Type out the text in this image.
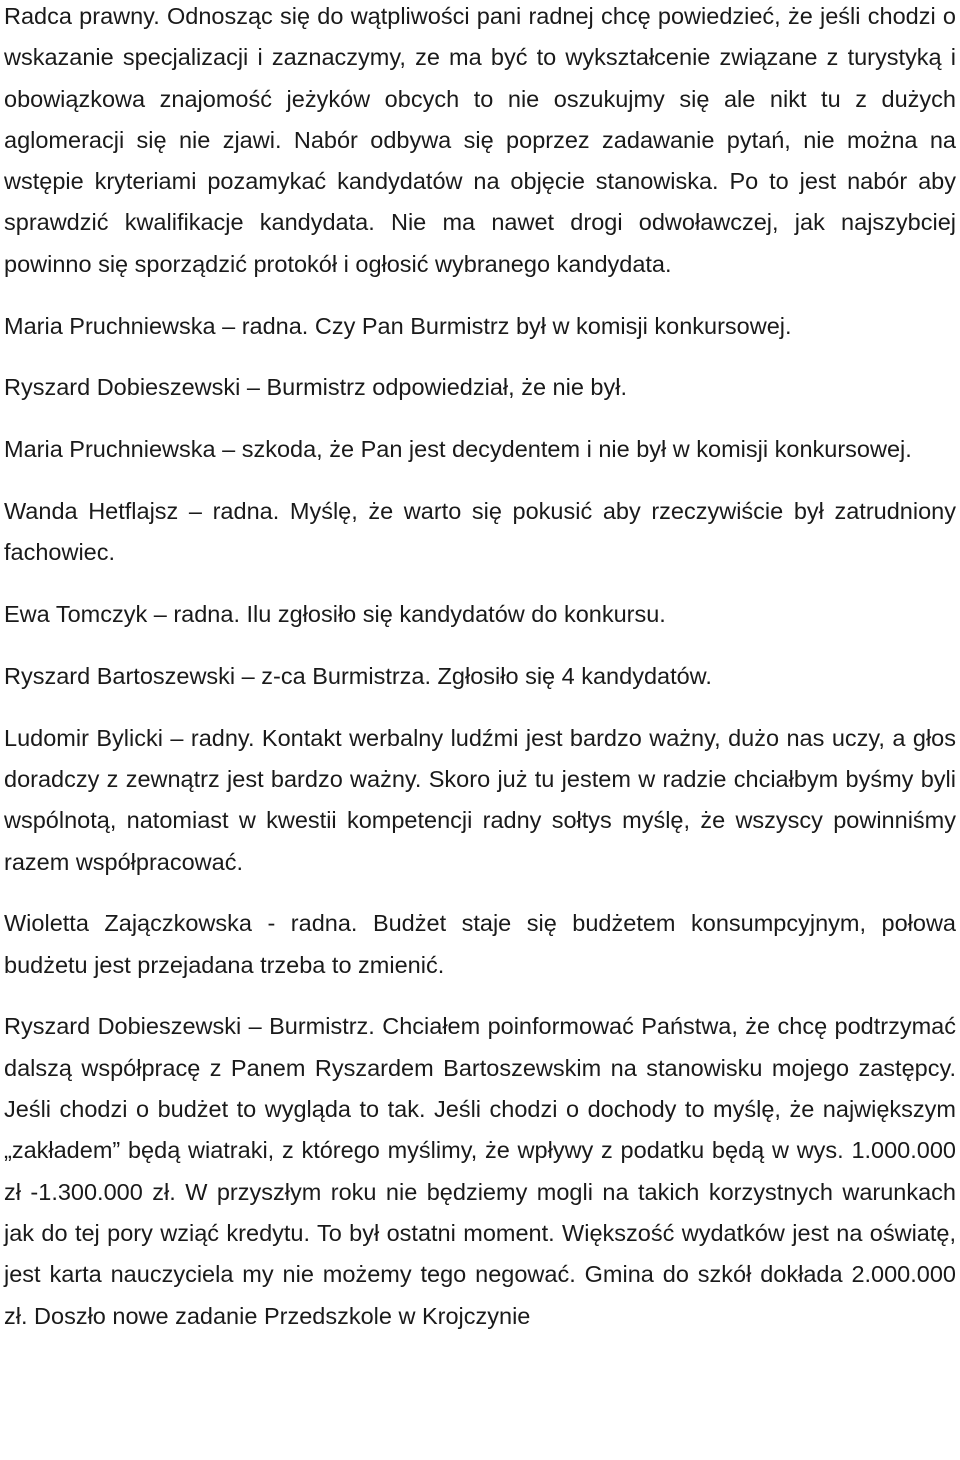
Radca prawny. Odnosząc się do wątpliwości pani radnej chcę powiedzieć, że jeśli chodzi o wskazanie specjalizacji i zaznaczymy, ze ma być to wykształcenie związane z turystyką i obowiązkowa znajomość jeżyków obcych to nie oszukujmy się ale nikt tu z dużych aglomeracji się nie zjawi. Nabór odbywa się poprzez zadawanie pytań, nie można na wstępie kryteriami pozamykać kandydatów na objęcie stanowiska. Po to jest nabór aby sprawdzić kwalifikacje kandydata. Nie ma nawet drogi odwoławczej, jak najszybciej powinno się sporządzić protokół i ogłosić wybranego kandydata.

Maria Pruchniewska – radna. Czy Pan Burmistrz był w komisji konkursowej.

Ryszard Dobieszewski – Burmistrz odpowiedział, że nie był.

Maria Pruchniewska – szkoda, że Pan jest decydentem i nie był w komisji konkursowej.

Wanda Hetflajsz – radna. Myślę, że warto się pokusić aby rzeczywiście był zatrudniony fachowiec.

Ewa Tomczyk – radna. Ilu zgłosiło się kandydatów do konkursu.

Ryszard Bartoszewski – z-ca Burmistrza. Zgłosiło się 4 kandydatów.

Ludomir Bylicki – radny. Kontakt werbalny ludźmi jest bardzo ważny, dużo nas uczy, a głos doradczy z zewnątrz jest bardzo ważny. Skoro już tu jestem w radzie chciałbym byśmy byli wspólnotą, natomiast w kwestii kompetencji radny sołtys myślę, że wszyscy powinniśmy razem współpracować.

Wioletta Zajączkowska - radna. Budżet staje się budżetem konsumpcyjnym, połowa budżetu jest przejadana trzeba to zmienić.

Ryszard Dobieszewski – Burmistrz. Chciałem poinformować Państwa, że chcę podtrzymać dalszą współpracę z Panem Ryszardem Bartoszewskim na stanowisku mojego zastępcy. Jeśli chodzi o budżet to wygląda to tak. Jeśli chodzi o dochody to myślę, że największym „zakładem” będą wiatraki, z którego myślimy, że wpływy z podatku będą w wys. 1.000.000 zł -1.300.000 zł. W przyszłym roku nie będziemy mogli na takich korzystnych warunkach jak do tej pory wziąć kredytu. To był ostatni moment. Większość wydatków jest na oświatę, jest karta nauczyciela my nie możemy tego negować. Gmina do szkół dokłada 2.000.000 zł. Doszło nowe zadanie Przedszkole w Krojczynie
